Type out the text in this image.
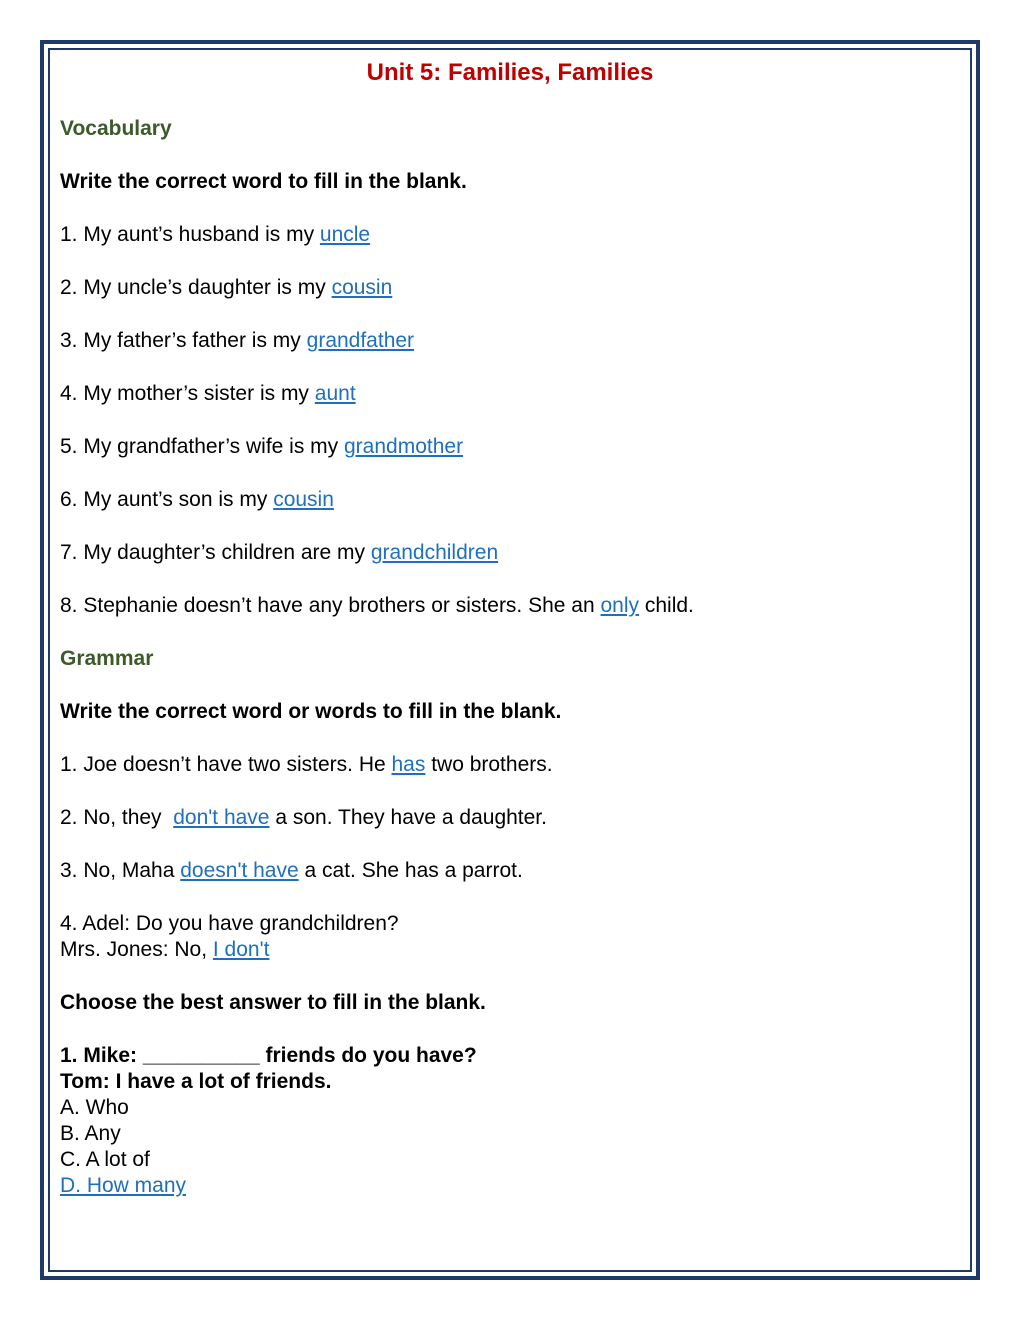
Unit 5: Families, Families

Vocabulary

Write the correct word to fill in the blank.

1. My aunt’s husband is my uncle

2. My uncle’s daughter is my cousin

3. My father’s father is my grandfather

4. My mother’s sister is my aunt

5. My grandfather’s wife is my grandmother

6. My aunt’s son is my cousin

7. My daughter’s children are my grandchildren

8. Stephanie doesn’t have any brothers or sisters. She an only child.

Grammar

Write the correct word or words to fill in the blank.

1. Joe doesn’t have two sisters. He has two brothers.

2. No, they  don't have a son. They have a daughter.

3. No, Maha doesn't have a cat. She has a parrot.

4. Adel: Do you have grandchildren?

Mrs. Jones: No, I don't

Choose the best answer to fill in the blank.

1. Mike: __________ friends do you have?

Tom: I have a lot of friends.

A. Who

B. Any

C. A lot of

D. How many
